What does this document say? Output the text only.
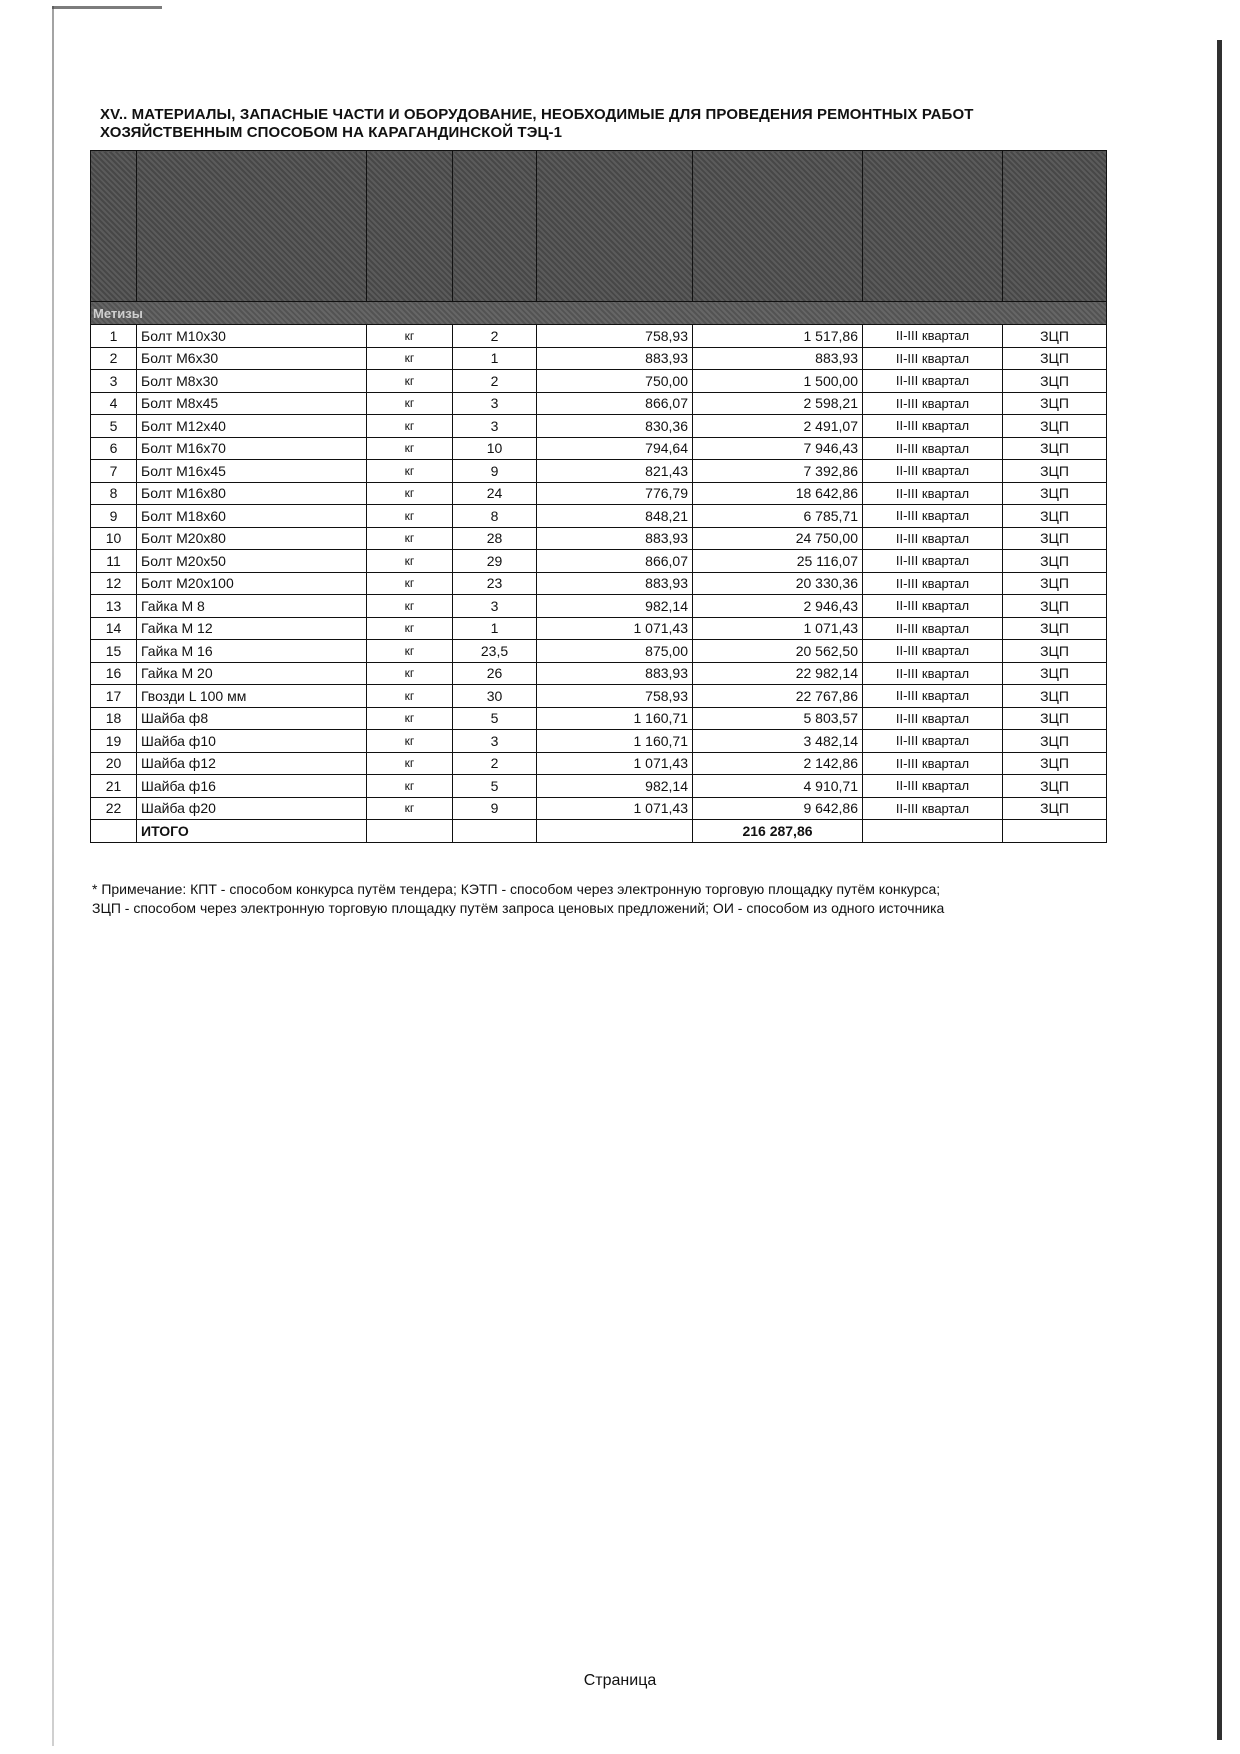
XV.. МАТЕРИАЛЫ, ЗАПАСНЫЕ ЧАСТИ И ОБОРУДОВАНИЕ, НЕОБХОДИМЫЕ ДЛЯ ПРОВЕДЕНИЯ РЕМОНТНЫХ РАБОТ
ХОЗЯЙСТВЕННЫМ СПОСОБОМ НА КАРАГАНДИНСКОЙ ТЭЦ-1

Метизы							
1	Болт М10х30	кг	2	758,93	1 517,86	II-III квартал	ЗЦП
2	Болт М6х30	кг	1	883,93	883,93	II-III квартал	ЗЦП
3	Болт М8х30	кг	2	750,00	1 500,00	II-III квартал	ЗЦП
4	Болт М8х45	кг	3	866,07	2 598,21	II-III квартал	ЗЦП
5	Болт М12х40	кг	3	830,36	2 491,07	II-III квартал	ЗЦП
6	Болт М16х70	кг	10	794,64	7 946,43	II-III квартал	ЗЦП
7	Болт М16х45	кг	9	821,43	7 392,86	II-III квартал	ЗЦП
8	Болт М16х80	кг	24	776,79	18 642,86	II-III квартал	ЗЦП
9	Болт М18х60	кг	8	848,21	6 785,71	II-III квартал	ЗЦП
10	Болт М20х80	кг	28	883,93	24 750,00	II-III квартал	ЗЦП
11	Болт М20х50	кг	29	866,07	25 116,07	II-III квартал	ЗЦП
12	Болт М20х100	кг	23	883,93	20 330,36	II-III квартал	ЗЦП
13	Гайка М 8	кг	3	982,14	2 946,43	II-III квартал	ЗЦП
14	Гайка М 12	кг	1	1 071,43	1 071,43	II-III квартал	ЗЦП
15	Гайка М 16	кг	23,5	875,00	20 562,50	II-III квартал	ЗЦП
16	Гайка М 20	кг	26	883,93	22 982,14	II-III квартал	ЗЦП
17	Гвозди L 100 мм	кг	30	758,93	22 767,86	II-III квартал	ЗЦП
18	Шайба ф8	кг	5	1 160,71	5 803,57	II-III квартал	ЗЦП
19	Шайба ф10	кг	3	1 160,71	3 482,14	II-III квартал	ЗЦП
20	Шайба ф12	кг	2	1 071,43	2 142,86	II-III квартал	ЗЦП
21	Шайба ф16	кг	5	982,14	4 910,71	II-III квартал	ЗЦП
22	Шайба ф20	кг	9	1 071,43	9 642,86	II-III квартал	ЗЦП
	ИТОГО				216 287,86		
* Примечание: КПТ - способом конкурса путём тендера; КЭТП - способом через электронную торговую площадку путём конкурса;
ЗЦП - способом через электронную торговую площадку путём запроса ценовых предложений; ОИ - способом из одного источника
Страница
